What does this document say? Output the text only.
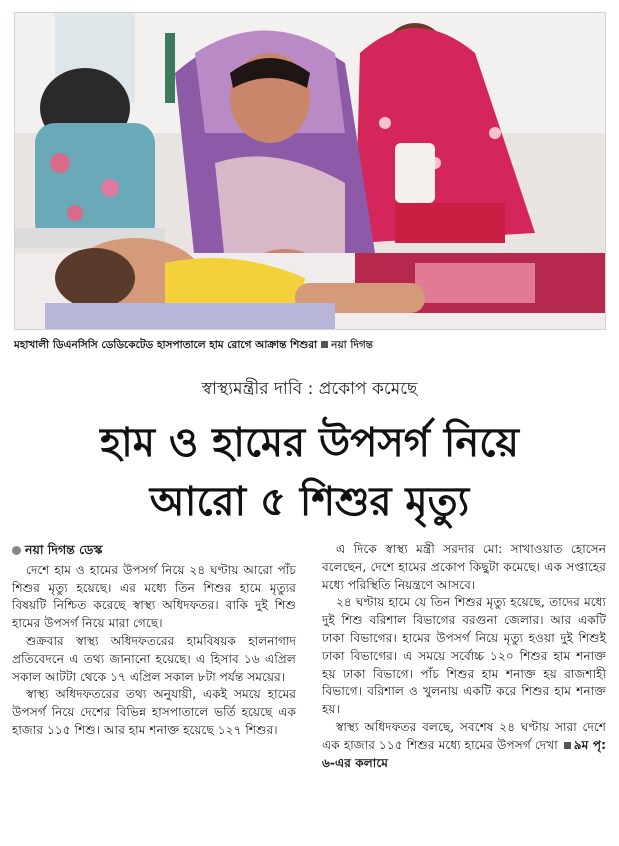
মহাখালী ডিএনসিসি ডেডিকেটেড হাসপাতালে হাম রোগে আক্রান্ত শিশুরা নয়া দিগন্ত
স্বাস্থ্যমন্ত্রীর দাবি : প্রকোপ কমেছে
হাম ও হামের উপসর্গ নিয়ে
আরো ৫ শিশুর মৃত্যু
নয়া দিগন্ত ডেস্ক

দেশে হাম ও হামের উপসর্গ নিয়ে ২৪ ঘণ্টায় আরো পাঁচ শিশুর মৃত্যু হয়েছে। এর মধ্যে তিন শিশুর হামে মৃত্যুর বিষয়টি নিশ্চিত করেছে স্বাস্থ্য অধিদফতর। বাকি দুই শিশু হামের উপসর্গ নিয়ে মারা গেছে।

শুক্রবার স্বাস্থ্য অধিদফতরের হামবিষয়ক হালনাগাদ প্রতিবেদনে এ তথ্য জানানো হয়েছে। এ হিসাব ১৬ এপ্রিল সকাল আটটা থেকে ১৭ এপ্রিল সকাল ৮টা পর্যন্ত সময়ের।

স্বাস্থ্য অধিদফতরের তথ্য অনুযায়ী, একই সময়ে হামের উপসর্গ নিয়ে দেশের বিভিন্ন হাসপাতালে ভর্তি হয়েছে এক হাজার ১১৫ শিশু। আর হাম শনাক্ত হয়েছে ১২৭ শিশুর।

এ দিকে স্বাস্থ্য মন্ত্রী সরদার মো: সাখাওয়াত হোসেন বলেছেন, দেশে হামের প্রকোপ কিছুটা কমেছে। এক সপ্তাহের মধ্যে পরিস্থিতি নিয়ন্ত্রণে আসবে।

২৪ ঘণ্টায় হামে যে তিন শিশুর মৃত্যু হয়েছে, তাদের মধ্যে দুই শিশু বরিশাল বিভাগের বরগুনা জেলার। আর একটি ঢাকা বিভাগের। হামের উপসর্গ নিয়ে মৃত্যু হওয়া দুই শিশুই ঢাকা বিভাগের। এ সময়ে সর্বোচ্চ ১২০ শিশুর হাম শনাক্ত হয় ঢাকা বিভাগে। পাঁচ শিশুর হাম শনাক্ত হয় রাজশাহী বিভাগে। বরিশাল ও খুলনায় একটি করে শিশুর হাম শনাক্ত হয়।

স্বাস্থ্য অধিদফতর বলছে, সবশেষ ২৪ ঘণ্টায় সারা দেশে এক হাজার ১১৫ শিশুর মধ্যে হামের উপসর্গ দেখা ৯ম পৃ: ৬-এর কলামে
